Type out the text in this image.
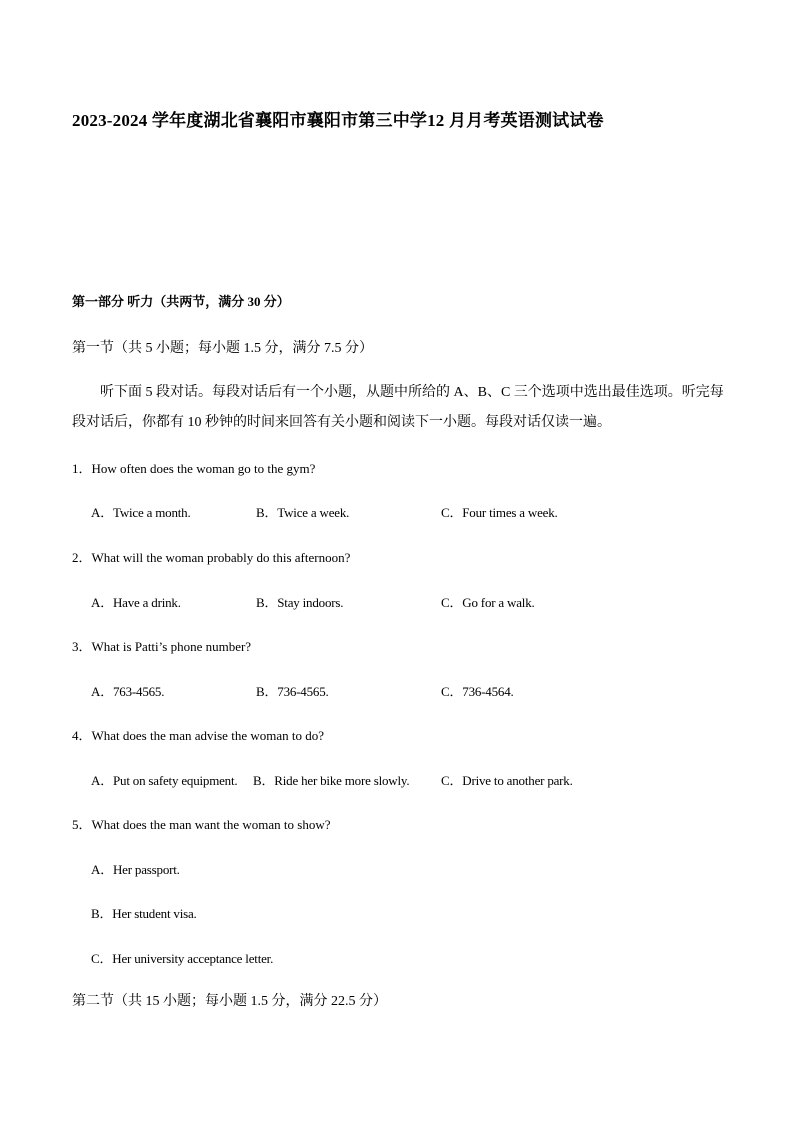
2023-2024 学年度湖北省襄阳市襄阳市第三中学12 月月考英语测试试卷
第一部分 听力（共两节，满分 30 分）
第一节（共 5 小题；每小题 1.5 分，满分 7.5 分）
听下面 5 段对话。每段对话后有一个小题，从题中所给的 A、B、C 三个选项中选出最佳选项。听完每段对话后，你都有 10 秒钟的时间来回答有关小题和阅读下一小题。每段对话仅读一遍。
1．How often does the woman go to the gym?
A．Twice a month.	B．Twice a week.	C．Four times a week.
2．What will the woman probably do this afternoon?
A．Have a drink.	B．Stay indoors.	C．Go for a walk.
3．What is Patti’s phone number?
A．763-4565.	B．736-4565.	C．736-4564.
4．What does the man advise the woman to do?
A．Put on safety equipment. B．Ride her bike more slowly. C．Drive to another park.
5．What does the man want the woman to show?
A．Her passport.
B．Her student visa.
C．Her university acceptance letter.
第二节（共 15 小题；每小题 1.5 分，满分 22.5 分）
